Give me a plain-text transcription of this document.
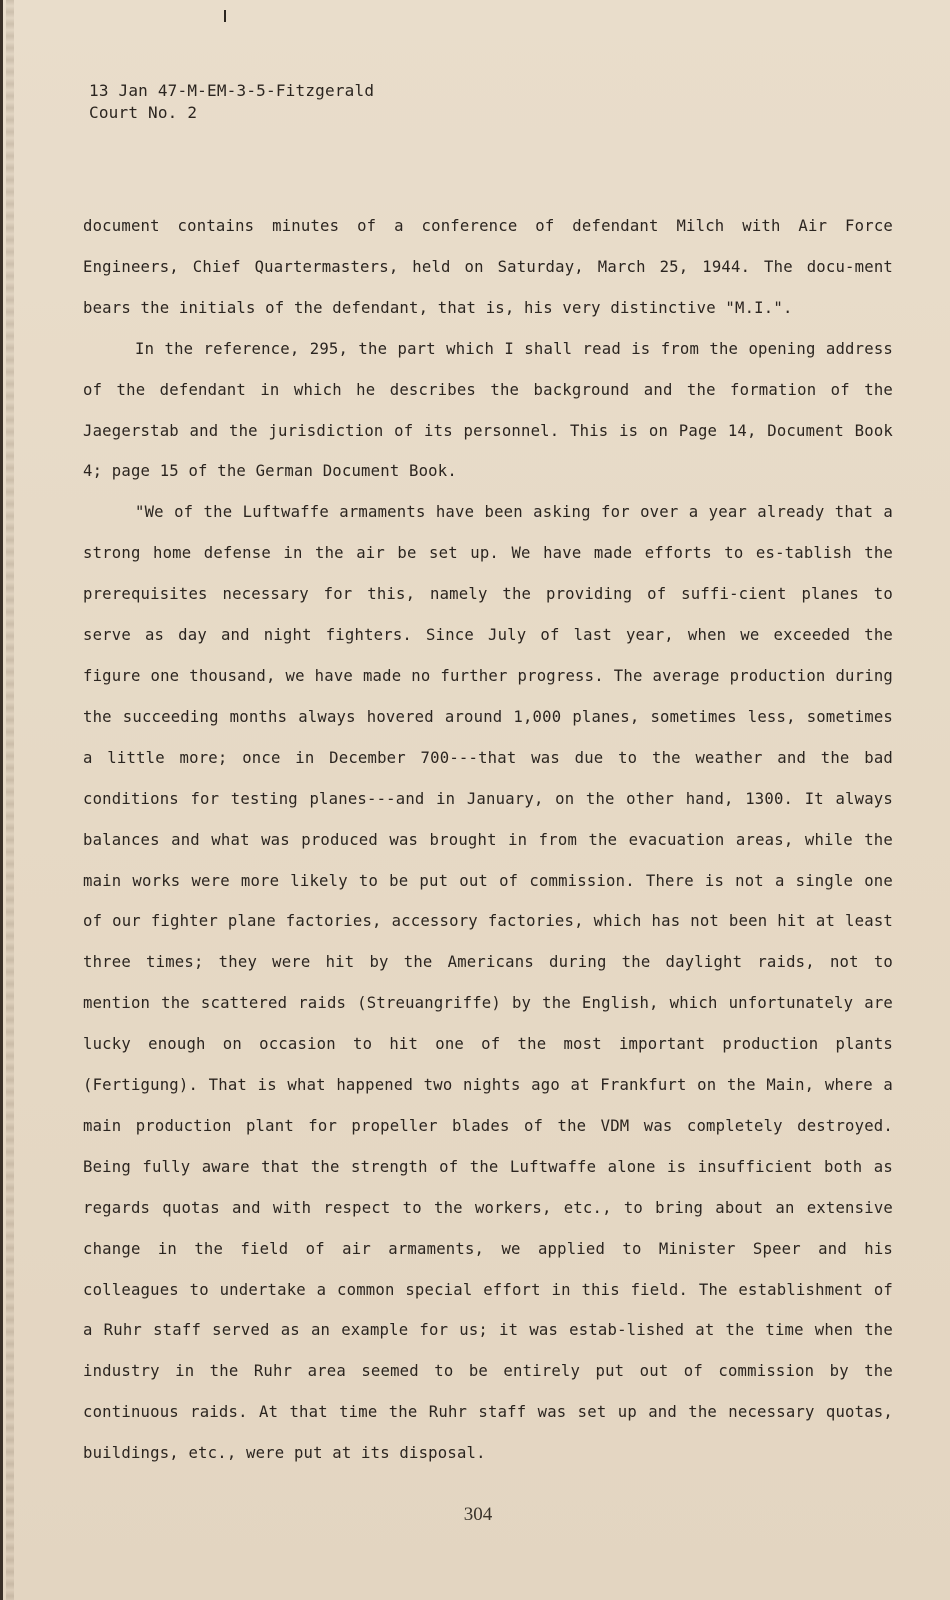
13 Jan 47-M-EM-3-5-Fitzgerald
Court No. 2

document contains minutes of a conference of defendant Milch with Air Force Engineers, Chief Quartermasters, held on Saturday, March 25, 1944. The docu-ment bears the initials of the defendant, that is, his very distinctive "M.I.".

In the reference, 295, the part which I shall read is from the opening address of the defendant in which he describes the background and the formation of the Jaegerstab and the jurisdiction of its personnel. This is on Page 14, Document Book 4; page 15 of the German Document Book.

"We of the Luftwaffe armaments have been asking for over a year already that a strong home defense in the air be set up. We have made efforts to es-tablish the prerequisites necessary for this, namely the providing of suffi-cient planes to serve as day and night fighters. Since July of last year, when we exceeded the figure one thousand, we have made no further progress. The average production during the succeeding months always hovered around 1,000 planes, sometimes less, sometimes a little more; once in December 700---that was due to the weather and the bad conditions for testing planes---and in January, on the other hand, 1300. It always balances and what was produced was brought in from the evacuation areas, while the main works were more likely to be put out of commission. There is not a single one of our fighter plane factories, accessory factories, which has not been hit at least three times; they were hit by the Americans during the daylight raids, not to mention the scattered raids (Streuangriffe) by the English, which unfortunately are lucky enough on occasion to hit one of the most important production plants (Fertigung). That is what happened two nights ago at Frankfurt on the Main, where a main production plant for propeller blades of the VDM was completely destroyed. Being fully aware that the strength of the Luftwaffe alone is insufficient both as regards quotas and with respect to the workers, etc., to bring about an extensive change in the field of air armaments, we applied to Minister Speer and his colleagues to undertake a common special effort in this field. The establishment of a Ruhr staff served as an example for us; it was estab-lished at the time when the industry in the Ruhr area seemed to be entirely put out of commission by the continuous raids. At that time the Ruhr staff was set up and the necessary quotas, buildings, etc., were put at its disposal.

304
